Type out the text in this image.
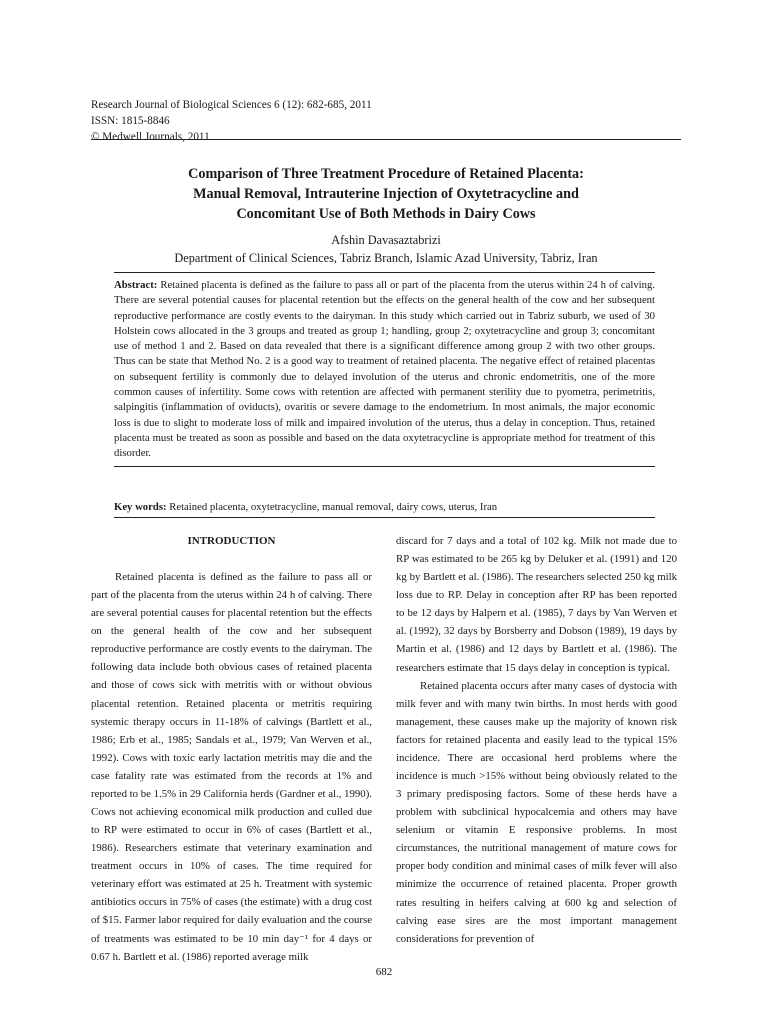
Research Journal of Biological Sciences 6 (12): 682-685, 2011
ISSN: 1815-8846
© Medwell Journals, 2011
Comparison of Three Treatment Procedure of Retained Placenta:
Manual Removal, Intrauterine Injection of Oxytetracycline and
Concomitant Use of Both Methods in Dairy Cows
Afshin Davasaztabrizi
Department of Clinical Sciences, Tabriz Branch, Islamic Azad University, Tabriz, Iran

Abstract: Retained placenta is defined as the failure to pass all or part of the placenta from the uterus within 24 h of calving. There are several potential causes for placental retention but the effects on the general health of the cow and her subsequent reproductive performance are costly events to the dairyman. In this study which carried out in Tabriz suburb, we used of 30 Holstein cows allocated in the 3 groups and treated as group 1; handling, group 2; oxytetracycline and group 3; concomitant use of method 1 and 2. Based on data revealed that there is a significant difference among group 2 with two other groups. Thus can be state that Method No. 2 is a good way to treatment of retained placenta. The negative effect of retained placentas on subsequent fertility is commonly due to delayed involution of the uterus and chronic endometritis, one of the more common causes of infertility. Some cows with retention are affected with permanent sterility due to pyometra, perimetritis, salpingitis (inflammation of oviducts), ovaritis or severe damage to the endometrium. In most animals, the major economic loss is due to slight to moderate loss of milk and impaired involution of the uterus, thus a delay in conception. Thus, retained placenta must be treated as soon as possible and based on the data oxytetracycline is appropriate method for treatment of this disorder.

Key words: Retained placenta, oxytetracycline, manual removal, dairy cows, uterus, Iran

INTRODUCTION

Retained placenta is defined as the failure to pass all or part of the placenta from the uterus within 24 h of calving. There are several potential causes for placental retention but the effects on the general health of the cow and her subsequent reproductive performance are costly events to the dairyman. The following data include both obvious cases of retained placenta and those of cows sick with metritis with or without obvious placental retention. Retained placenta or metritis requiring systemic therapy occurs in 11-18% of calvings (Bartlett et al., 1986; Erb et al., 1985; Sandals et al., 1979; Van Werven et al., 1992). Cows with toxic early lactation metritis may die and the case fatality rate was estimated from the records at 1% and reported to be 1.5% in 29 California herds (Gardner et al., 1990). Cows not achieving economical milk production and culled due to RP were estimated to occur in 6% of cases (Bartlett et al., 1986). Researchers estimate that veterinary examination and treatment occurs in 10% of cases. The time required for veterinary effort was estimated at 25 h. Treatment with systemic antibiotics occurs in 75% of cases (the estimate) with a drug cost of $15. Farmer labor required for daily evaluation and the course of treatments was estimated to be 10 min day⁻¹ for 4 days or 0.67 h. Bartlett et al. (1986) reported average milk

discard for 7 days and a total of 102 kg. Milk not made due to RP was estimated to be 265 kg by Deluker et al. (1991) and 120 kg by Bartlett et al. (1986). The researchers selected 250 kg milk loss due to RP. Delay in conception after RP has been reported to be 12 days by Halpern et al. (1985), 7 days by Van Werven et al. (1992), 32 days by Borsberry and Dobson (1989), 19 days by Martin et al. (1986) and 12 days by Bartlett et al. (1986). The researchers estimate that 15 days delay in conception is typical.

Retained placenta occurs after many cases of dystocia with milk fever and with many twin births. In most herds with good management, these causes make up the majority of known risk factors for retained placenta and easily lead to the typical 15% incidence. There are occasional herd problems where the incidence is much >15% without being obviously related to the 3 primary predisposing factors. Some of these herds have a problem with subclinical hypocalcemia and others may have selenium or vitamin E responsive problems. In most circumstances, the nutritional management of mature cows for proper body condition and minimal cases of milk fever will also minimize the occurrence of retained placenta. Proper growth rates resulting in heifers calving at 600 kg and selection of calving ease sires are the most important management considerations for prevention of

682
